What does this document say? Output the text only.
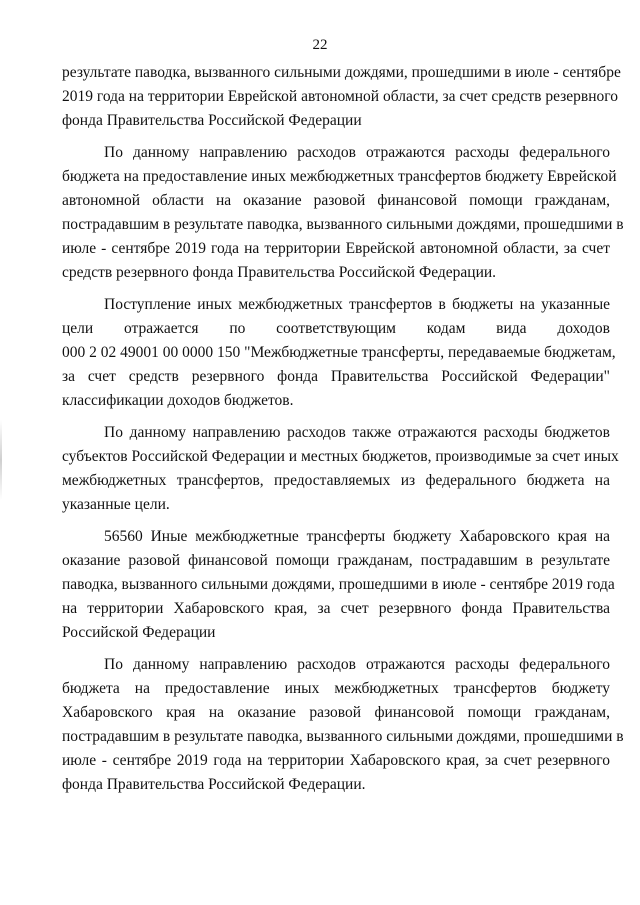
22
результате паводка, вызванного сильными дождями, прошедшими в июле - сентябре
2019 года на территории Еврейской автономной области, за счет средств резервного
фонда Правительства Российской Федерации
По данному направлению расходов отражаются расходы федерального
бюджета на предоставление иных межбюджетных трансфертов бюджету Еврейской
автономной области на оказание разовой финансовой помощи гражданам,
пострадавшим в результате паводка, вызванного сильными дождями, прошедшими в
июле - сентябре 2019 года на территории Еврейской автономной области, за счет
средств резервного фонда Правительства Российской Федерации.
Поступление иных межбюджетных трансфертов в бюджеты на указанные
цели отражается по соответствующим кодам вида доходов
000 2 02 49001 00 0000 150 "Межбюджетные трансферты, передаваемые бюджетам,
за счет средств резервного фонда Правительства Российской Федерации"
классификации доходов бюджетов.
По данному направлению расходов также отражаются расходы бюджетов
субъектов Российской Федерации и местных бюджетов, производимые за счет иных
межбюджетных трансфертов, предоставляемых из федерального бюджета на
указанные цели.
56560 Иные межбюджетные трансферты бюджету Хабаровского края на
оказание разовой финансовой помощи гражданам, пострадавшим в результате
паводка, вызванного сильными дождями, прошедшими в июле - сентябре 2019 года
на территории Хабаровского края, за счет резервного фонда Правительства
Российской Федерации
По данному направлению расходов отражаются расходы федерального
бюджета на предоставление иных межбюджетных трансфертов бюджету
Хабаровского края на оказание разовой финансовой помощи гражданам,
пострадавшим в результате паводка, вызванного сильными дождями, прошедшими в
июле - сентябре 2019 года на территории Хабаровского края, за счет резервного
фонда Правительства Российской Федерации.
